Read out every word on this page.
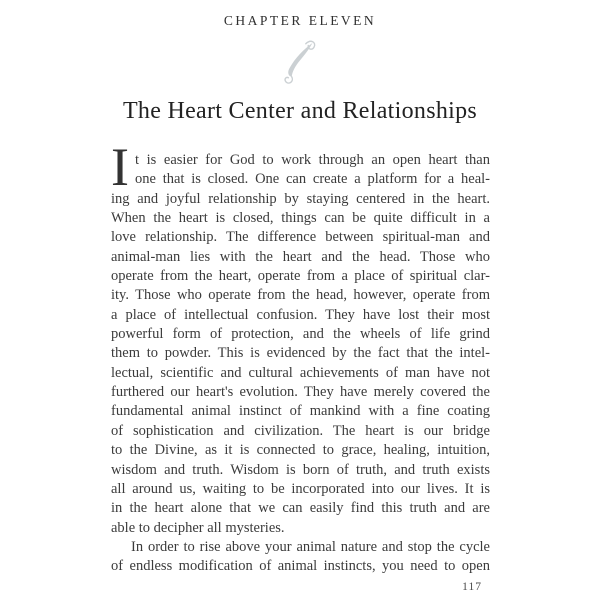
CHAPTER ELEVEN
The Heart Center and Relationships
I t is easier for God to work through an open heart than
one that is closed. One can create a platform for a heal-
ing and joyful relationship by staying centered in the heart.
When the heart is closed, things can be quite difficult in a
love relationship. The difference between spiritual-man and
animal-man lies with the heart and the head. Those who
operate from the heart, operate from a place of spiritual clar-
ity. Those who operate from the head, however, operate from
a place of intellectual confusion. They have lost their most
powerful form of protection, and the wheels of life grind
them to powder. This is evidenced by the fact that the intel-
lectual, scientific and cultural achievements of man have not
furthered our heart's evolution. They have merely covered the
fundamental animal instinct of mankind with a fine coating
of sophistication and civilization. The heart is our bridge
to the Divine, as it is connected to grace, healing, intuition,
wisdom and truth. Wisdom is born of truth, and truth exists
all around us, waiting to be incorporated into our lives. It is
in the heart alone that we can easily find this truth and are
able to decipher all mysteries.
In order to rise above your animal nature and stop the cycle
of endless modification of animal instincts, you need to open
117
